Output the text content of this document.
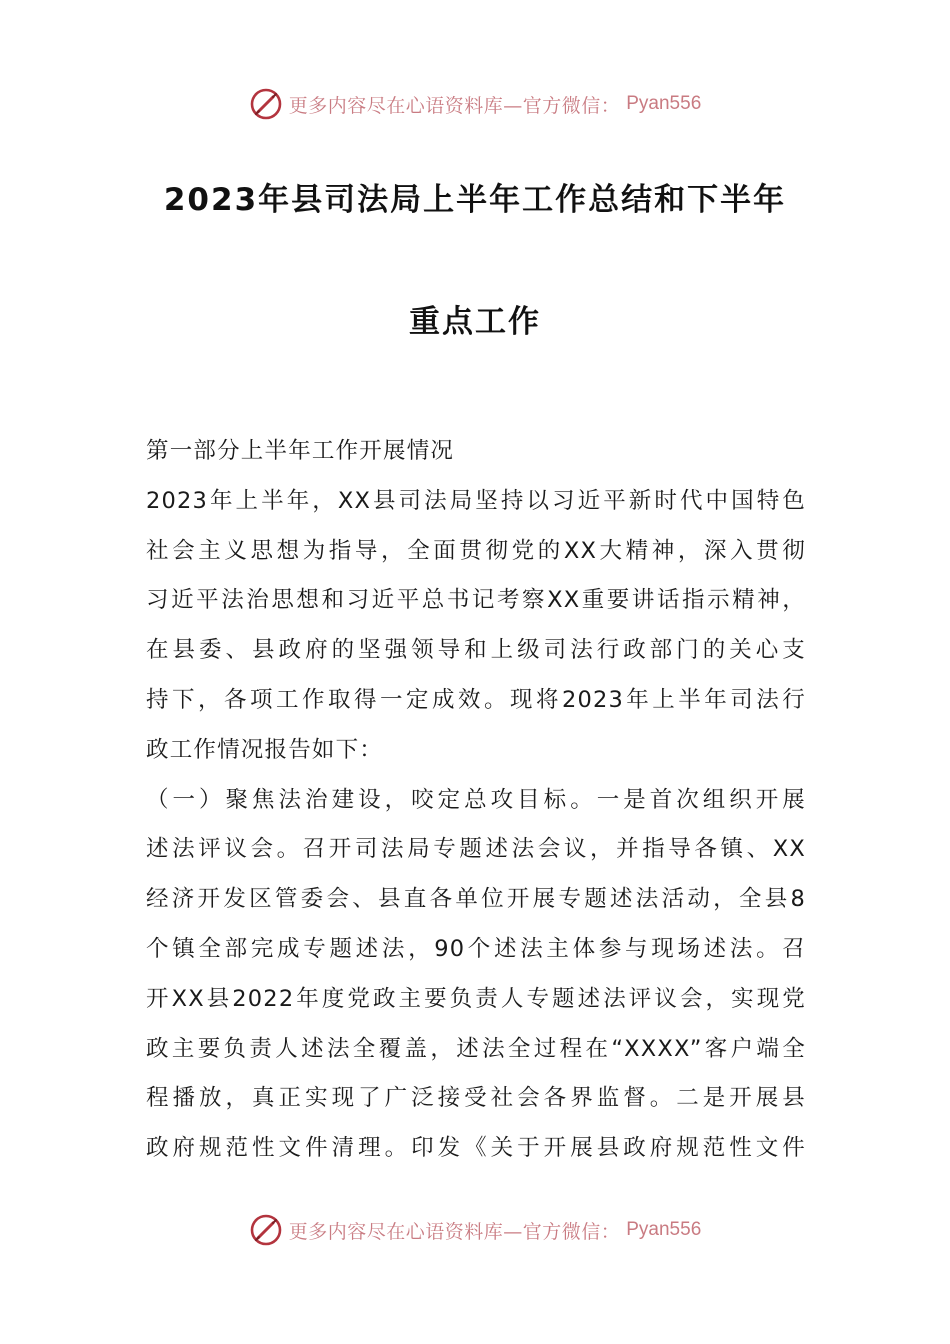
更多内容尽在心语资料库—官方微信： Pyan556
2023年县司法局上半年工作总结和下半年
重点工作
第一部分上半年工作开展情况
2023年上半年，XX县司法局坚持以习近平新时代中国特色
社会主义思想为指导，全面贯彻党的XX大精神，深入贯彻
习近平法治思想和习近平总书记考察XX重要讲话指示精神，
在县委、县政府的坚强领导和上级司法行政部门的关心支
持下，各项工作取得一定成效。现将2023年上半年司法行
政工作情况报告如下：
（一）聚焦法治建设，咬定总攻目标。一是首次组织开展
述法评议会。召开司法局专题述法会议，并指导各镇、XX
经济开发区管委会、县直各单位开展专题述法活动，全县8
个镇全部完成专题述法，90个述法主体参与现场述法。召
开XX县2022年度党政主要负责人专题述法评议会，实现党
政主要负责人述法全覆盖，述法全过程在“XXXX”客户端全
程播放，真正实现了广泛接受社会各界监督。二是开展县
政府规范性文件清理。印发《关于开展县政府规范性文件
更多内容尽在心语资料库—官方微信： Pyan556
